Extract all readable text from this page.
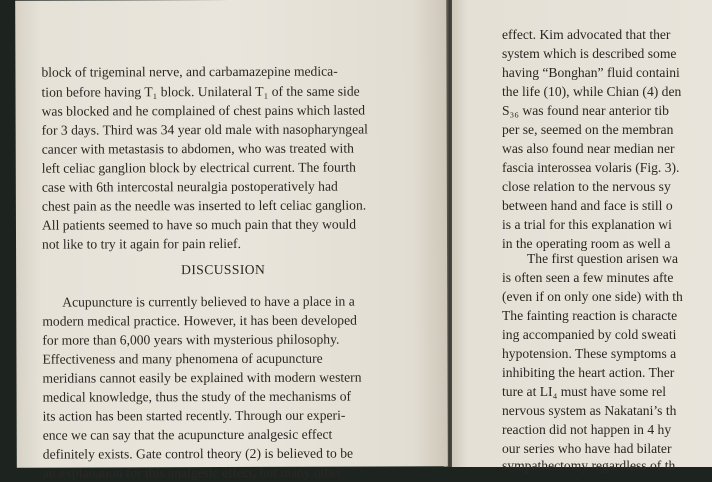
block of trigeminal nerve, and carbamazepine medica-
tion before having T₁ block. Unilateral T₁ of the same side
was blocked and he complained of chest pains which lasted
for 3 days. Third was 34 year old male with nasopharyngeal
cancer with metastasis to abdomen, who was treated with
left celiac ganglion block by electrical current. The fourth
case with 6th intercostal neuralgia postoperatively had
chest pain as the needle was inserted to left celiac ganglion.
All patients seemed to have so much pain that they would
not like to try it again for pain relief.
DISCUSSION
Acupuncture is currently believed to have a place in a
modern medical practice. However, it has been developed
for more than 6,000 years with mysterious philosophy.
Effectiveness and many phenomena of acupuncture
meridians cannot easily be explained with modern western
medical knowledge, thus the study of the mechanisms of
its action has been started recently. Through our experi-
ence we can say that the acupuncture analgesic effect
definitely exists. Gate control theory (2) is believed to be
an explanation for this analgesic effect, but many other
effect. Kim advocated that ther
system which is described some
having “Bonghan” fluid containi
the life (10), while Chian (4) den
S₃₆ was found near anterior tib
per se, seemed on the membran
was also found near median ner
fascia interossea volaris (Fig. 3).
close relation to the nervous sy
between hand and face is still o
is a trial for this explanation wi
in the operating room as well a
The first question arisen wa
is often seen a few minutes afte
(even if on only one side) with th
The fainting reaction is characte
ing accompanied by cold sweati
hypotension. These symptoms a
inhibiting the heart action. Ther
ture at LI₄ must have some rel
nervous system as Nakatani’s th
reaction did not happen in 4 hy
our series who have had bilater
sympathectomy regardless of th
